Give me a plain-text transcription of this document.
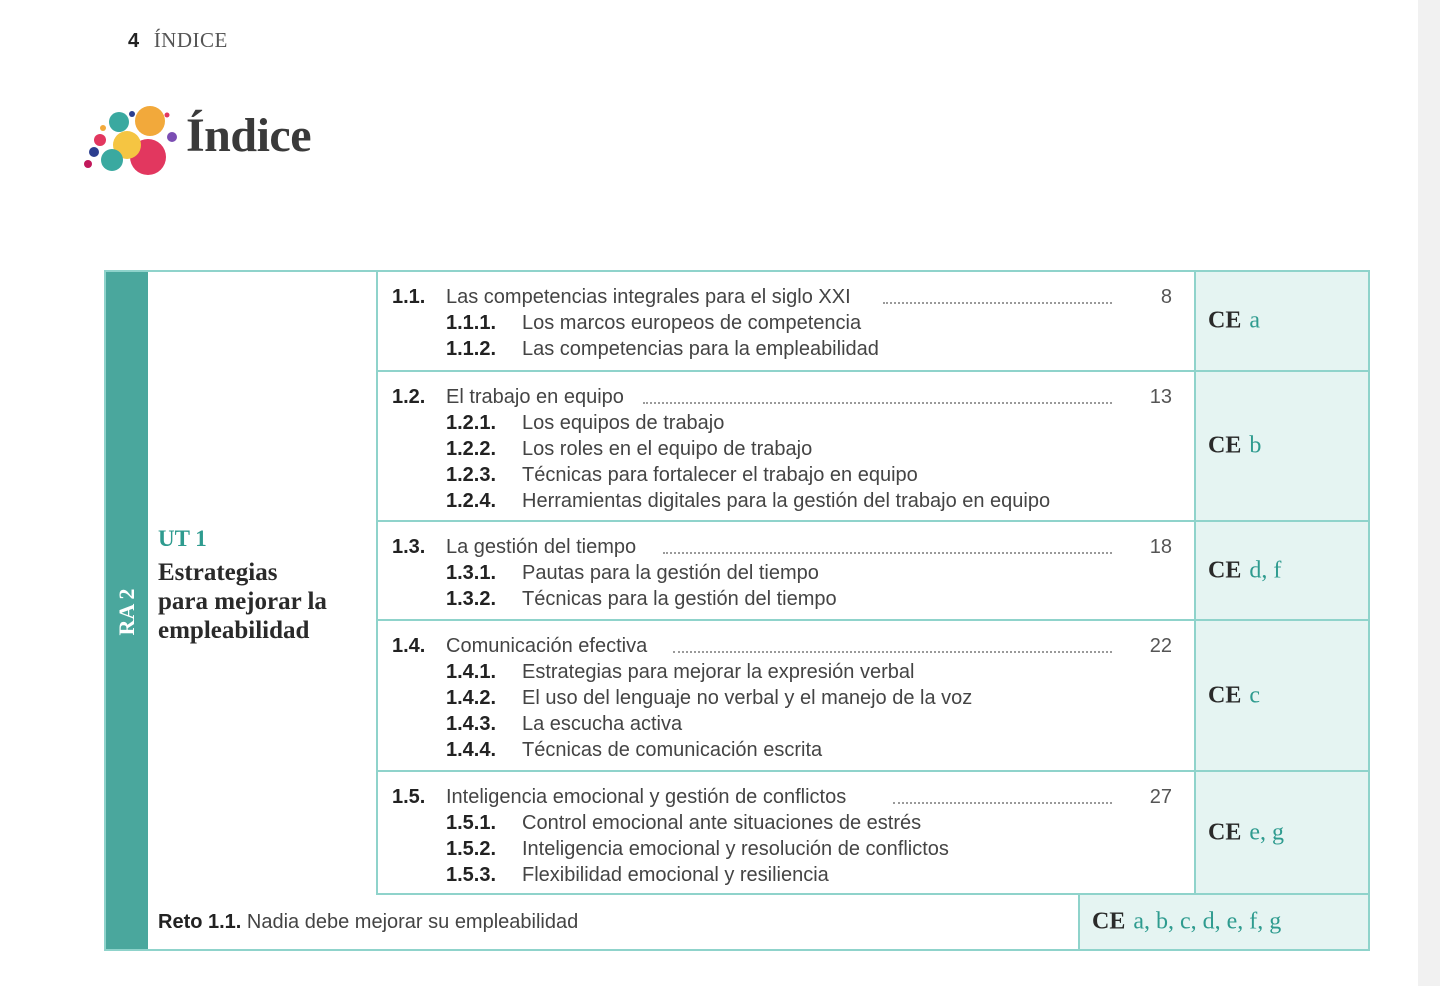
4 ÍNDICE
Índice
RA 2
UT 1
Estrategias
para mejorar la
empleabilidad
1.1. Las competencias integrales para el siglo XXI	8
1.1.1. Los marcos europeos de competencia
1.1.2. Las competencias para la empleabilidad
CE a
1.2. El trabajo en equipo	13
1.2.1. Los equipos de trabajo
1.2.2. Los roles en el equipo de trabajo
1.2.3. Técnicas para fortalecer el trabajo en equipo
1.2.4. Herramientas digitales para la gestión del trabajo en equipo
CE b
1.3. La gestión del tiempo	18
1.3.1. Pautas para la gestión del tiempo
1.3.2. Técnicas para la gestión del tiempo
CE d, f
1.4. Comunicación efectiva	22
1.4.1. Estrategias para mejorar la expresión verbal
1.4.2. El uso del lenguaje no verbal y el manejo de la voz
1.4.3. La escucha activa
1.4.4. Técnicas de comunicación escrita
CE c
1.5. Inteligencia emocional y gestión de conflictos	27
1.5.1. Control emocional ante situaciones de estrés
1.5.2. Inteligencia emocional y resolución de conflictos
1.5.3. Flexibilidad emocional y resiliencia
CE e, g
Reto 1.1. Nadia debe mejorar su empleabilidad	CE a, b, c, d, e, f, g
